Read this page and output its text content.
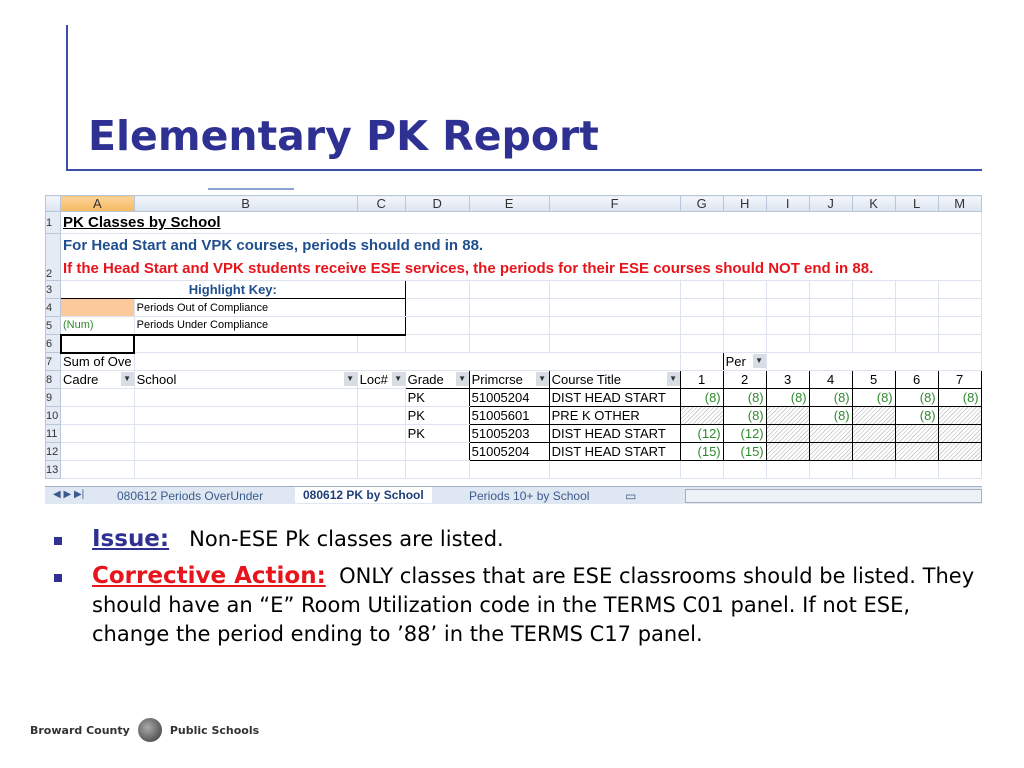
Elementary PK Report
	A	B	C	D	E	F	G	H	I	J	K	L	M
1	PK Classes by School												
2	For Head Start and VPK courses, periods should end in 88.
If the Head Start and VPK students receive ESE services, the periods for their ESE courses should NOT end in 88.												

3	Highlight Key:												
4		Periods Out of Compliance											
5	(Num)	Periods Under Compliance											
6													
7	Sum of Ove							Per ▼					

8	Cadre ▼	School ▼	Loc# ▼	Grade ▼	Primcrse ▼	Course Title ▼	1	2	3	4	5	6	7
9				PK	51005204	DIST HEAD START	(8)	(8)	(8)	(8)	(8)	(8)	(8)
10				PK	51005601	PRE K OTHER		(8)		(8)		(8)	
11				PK	51005203	DIST HEAD START	(12)	(12)					
12					51005204	DIST HEAD START	(15)	(15)					
13													
◀ ▶ ▶|	080612 Periods OverUnder	080612 PK by School	Periods 10+ by School	▭
Issue: Non-ESE Pk classes are listed.
Corrective Action: ONLY classes that are ESE classrooms should be listed. They should have an “E” Room Utilization code in the TERMS C01 panel. If not ESE, change the period ending to ’88’ in the TERMS C17 panel.
Broward County	Public Schools
